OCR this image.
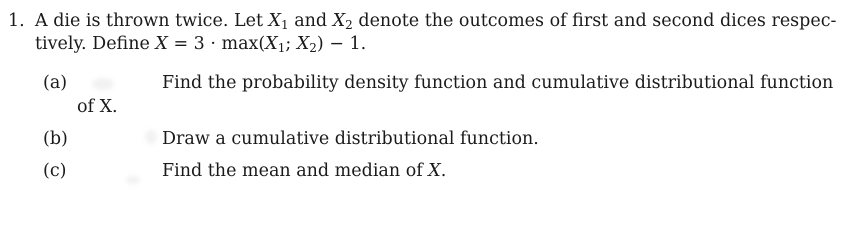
1. A die is thrown twice. Let $X_1$ and $X_2$ denote the outcomes of first and second dices respec-
tively. Define $X = 3 \cdot \max(X_1$; $X_2) - 1$.
(a)	Find the probability density function and cumulative distributional function
of X.
(b)	Draw a cumulative distributional function.
(c)	Find the mean and median of X.
